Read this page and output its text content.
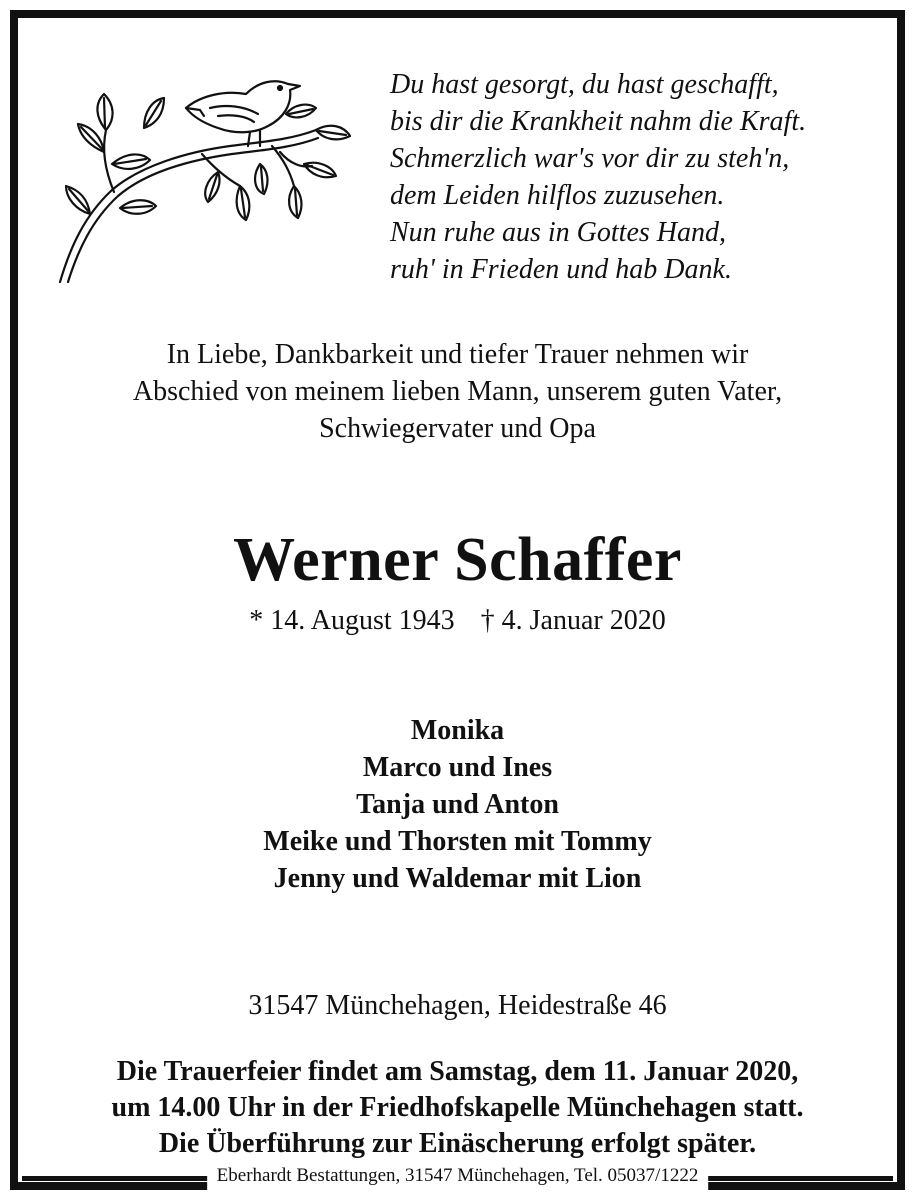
Du hast gesorgt, du hast geschafft,
bis dir die Krankheit nahm die Kraft.
Schmerzlich war's vor dir zu steh'n,
dem Leiden hilflos zuzusehen.
Nun ruhe aus in Gottes Hand,
ruh' in Frieden und hab Dank.
In Liebe, Dankbarkeit und tiefer Trauer nehmen wir
Abschied von meinem lieben Mann, unserem guten Vater,
Schwiegervater und Opa
Werner Schaffer
* 14. August 1943 † 4. Januar 2020
Monika
Marco und Ines
Tanja und Anton
Meike und Thorsten mit Tommy
Jenny und Waldemar mit Lion
31547 Münchehagen, Heidestraße 46
Die Trauerfeier findet am Samstag, dem 11. Januar 2020,
um 14.00 Uhr in der Friedhofskapelle Münchehagen statt.
Die Überführung zur Einäscherung erfolgt später.
Eberhardt Bestattungen, 31547 Münchehagen, Tel. 05037/1222
